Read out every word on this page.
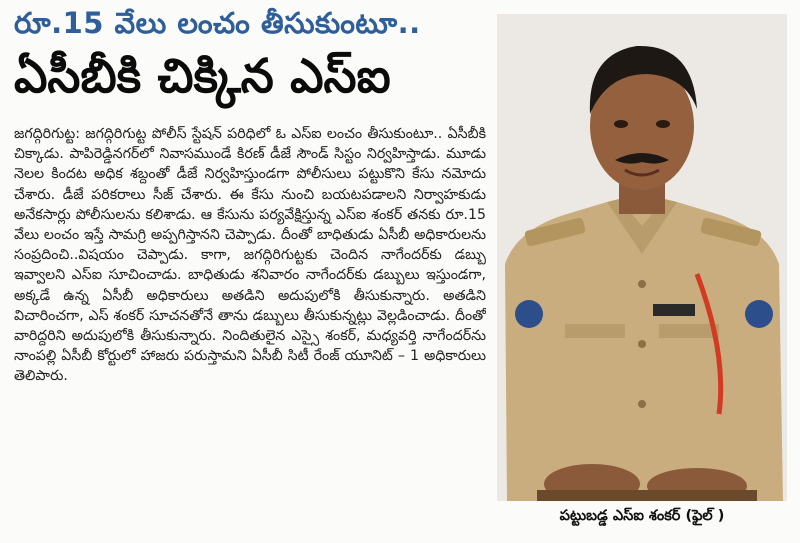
రూ.15 వేలు లంచం తీసుకుంటూ..
ఏసీబీకి చిక్కిన ఎస్ఐ
జగద్గిరిగుట్ట: జగద్గిరిగుట్ట పోలీస్ స్టేషన్ పరిధిలో ఓ ఎస్ఐ లంచం తీసుకుంటూ.. ఏసీబీకి చిక్కాడు. పాపిరెడ్డినగర్‌లో నివాసముండే కిరణ్ డీజే సౌండ్ సిస్టం నిర్వహిస్తాడు. మూడు నెలల కిందట అధిక శబ్దంతో డీజే నిర్వహిస్తుండగా పోలీసులు పట్టుకొని కేసు నమోదు చేశారు. డీజే పరికరాలు సీజ్ చేశారు. ఈ కేసు నుంచి బయటపడాలని నిర్వాహకుడు అనేకసార్లు పోలీసులను కలిశాడు. ఆ కేసును పర్యవేక్షిస్తున్న ఎస్ఐ శంకర్ తనకు రూ.15 వేలు లంచం ఇస్తే సామగ్రి అప్పగిస్తానని చెప్పాడు. దీంతో బాధితుడు ఏసీబీ అధికారులను సంప్రదించి..విషయం చెప్పాడు. కాగా, జగద్గిరిగుట్టకు చెందిన నాగేందర్‌కు డబ్బు ఇవ్వాలని ఎస్ఐ సూచించాడు. బాధితుడు శనివారం నాగేందర్‌కు డబ్బులు ఇస్తుండగా, అక్కడే ఉన్న ఏసీబీ అధికారులు అతడిని అదుపులోకి తీసుకున్నారు. అతడిని విచారించగా, ఎస్ శంకర్ సూచనతోనే తాను డబ్బులు తీసుకున్నట్లు వెల్లడించాడు. దీంతో వారిద్దరిని అదుపులోకి తీసుకున్నారు. నిందితులైన ఎస్సై శంకర్, మధ్యవర్తి నాగేందర్‌ను నాంపల్లి ఏసీబీ కోర్టులో హాజరు పరుస్తామని ఏసీబీ సిటీ రేంజ్ యూనిట్ – 1 అధికారులు తెలిపారు.
పట్టుబడ్డ ఎస్ఐ శంకర్ (ఫైల్ )
